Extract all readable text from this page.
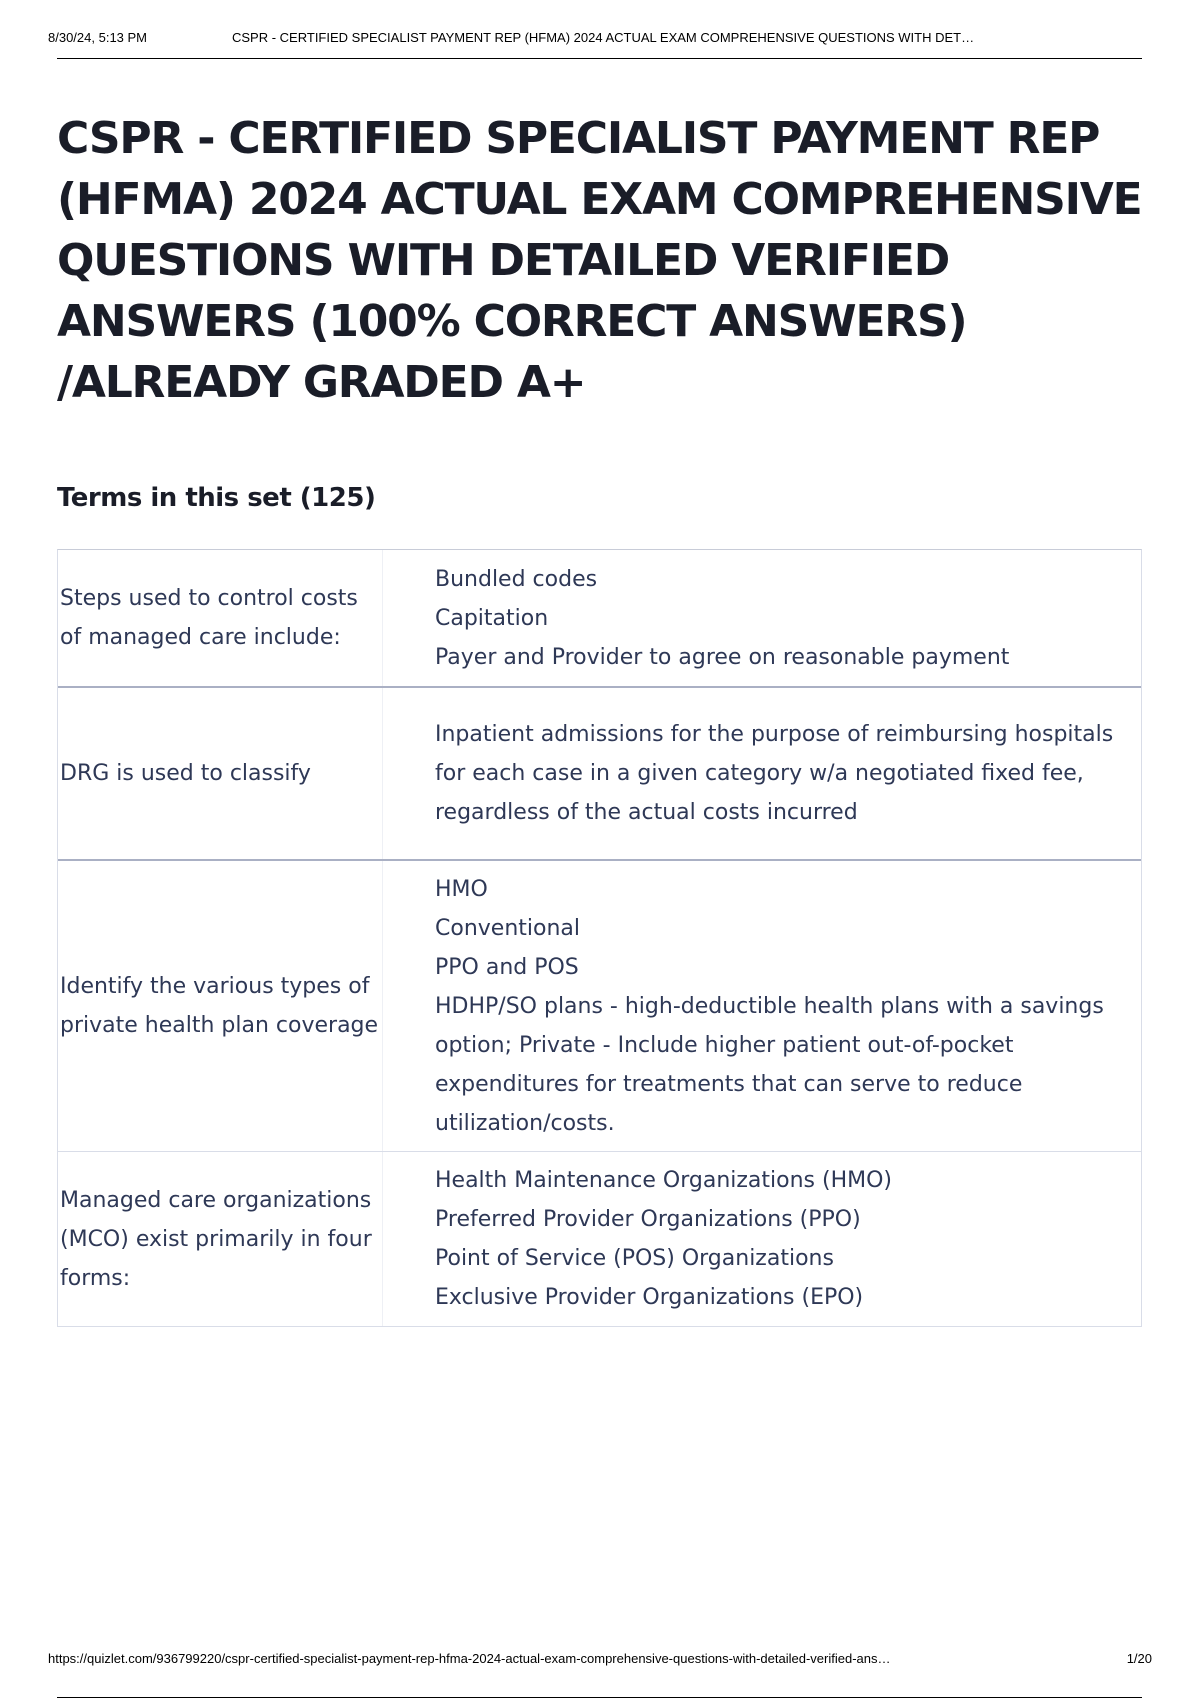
8/30/24, 5:13 PM	CSPR - CERTIFIED SPECIALIST PAYMENT REP (HFMA) 2024 ACTUAL EXAM COMPREHENSIVE QUESTIONS WITH DET…
CSPR - CERTIFIED SPECIALIST PAYMENT REP (HFMA) 2024 ACTUAL EXAM COMPREHENSIVE QUESTIONS WITH DETAILED VERIFIED ANSWERS (100% CORRECT ANSWERS) /ALREADY GRADED A+
Terms in this set (125)
Steps used to control costs of managed care include:
Bundled codes
Capitation
Payer and Provider to agree on reasonable payment
DRG is used to classify
Inpatient admissions for the purpose of reimbursing hospitals for each case in a given category w/a negotiated fixed fee, regardless of the actual costs incurred
Identify the various types of private health plan coverage
HMO
Conventional
PPO and POS
HDHP/SO plans - high-deductible health plans with a savings option; Private - Include higher patient out-of-pocket expenditures for treatments that can serve to reduce utilization/costs.
Managed care organizations (MCO) exist primarily in four forms:
Health Maintenance Organizations (HMO)
Preferred Provider Organizations (PPO)
Point of Service (POS) Organizations
Exclusive Provider Organizations (EPO)
https://quizlet.com/936799220/cspr-certified-specialist-payment-rep-hfma-2024-actual-exam-comprehensive-questions-with-detailed-verified-ans…	1/20
